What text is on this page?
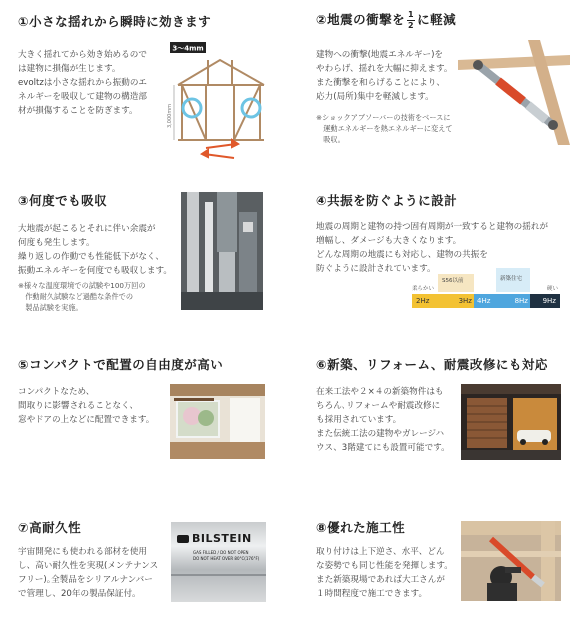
①小さな揺れから瞬時に効きます
大きく揺れてから効き始めるので
は建物に損傷が生じます。
evoltzは小さな揺れから振動のエ
ネルギーを吸収して建物の構造部
材が損傷することを防ぎます。
3～4mm
3,000mm
②地震の衝撃を $\frac{1}{2}$ に軽減
建物への衝撃(地震エネルギー)を
やわらげ、揺れを大幅に抑えます。
また衝撃を和らげることにより、
応力(局所)集中を軽減します。
※ショックアブソーバーの技術をベースに
　運動エネルギーを熱エネルギーに変えて
　吸収。
③何度でも吸収
大地震が起こるとそれに伴い余震が
何度も発生します。
繰り返しの作動でも性能低下がなく、
振動エネルギーを何度でも吸収します。
※様々な温度環境での試験や100万回の
　作動耐久試験など過酷な条件での
　製品試験を実施。
④共振を防ぐように設計
地震の周期と建物の持つ固有周期が一致すると建物の揺れが
増幅し、ダメージも大きくなります。
どんな周期の地震にも対応し、建物の共振を
防ぐように設計されています。
柔らかい	硬い
S56以前	新築住宅
2Hz	3Hz 4Hz	8Hz 9Hz
⑤コンパクトで配置の自由度が高い
コンパクトなため、
間取りに影響されることなく、
窓やドアの上などに配置できます。
⑥新築、リフォーム、耐震改修にも対応
在来工法や２×４の新築物件はも
ちろん､リフォームや耐震改修に
も採用されています。
また伝統工法の建物やガレージハ
ウス、3階建てにも設置可能です。
⑦高耐久性
宇宙開発にも使われる部材を使用
し、高い耐久性を実現(メンテナンス
フリー)｡全製品をシリアルナンバー
で管理し、20年の製品保証付。
BILSTEIN
GAS FILLED / DO NOT OPEN
DO NOT HEAT OVER 80°C(176°F)
⑧優れた施工性
取り付けは上下逆さ、水平、どん
な姿勢でも同じ性能を発揮します。
また新築現場であれば大工さんが
１時間程度で施工できます。
